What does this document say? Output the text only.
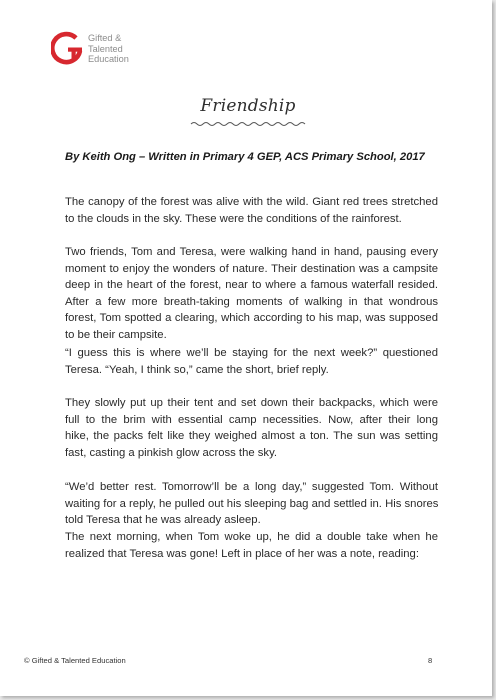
Gifted &
Talented
Education
Friendship
By Keith Ong – Written in Primary 4 GEP, ACS Primary School, 2017
The canopy of the forest was alive with the wild. Giant red trees stretched
to the clouds in the sky. These were the conditions of the rainforest.
Two friends, Tom and Teresa, were walking hand in hand, pausing every
moment to enjoy the wonders of nature. Their destination was a campsite
deep in the heart of the forest, near to where a famous waterfall resided.
After a few more breath-taking moments of walking in that wondrous
forest, Tom spotted a clearing, which according to his map, was supposed
to be their campsite.
“I guess this is where we’ll be staying for the next week?” questioned
Teresa. “Yeah, I think so,” came the short, brief reply.
They slowly put up their tent and set down their backpacks, which were
full to the brim with essential camp necessities. Now, after their long
hike, the packs felt like they weighed almost a ton. The sun was setting
fast, casting a pinkish glow across the sky.
“We’d better rest. Tomorrow’ll be a long day,” suggested Tom. Without
waiting for a reply, he pulled out his sleeping bag and settled in. His snores
told Teresa that he was already asleep.
The next morning, when Tom woke up, he did a double take when he
realized that Teresa was gone! Left in place of her was a note, reading:
© Gifted & Talented Education	8
